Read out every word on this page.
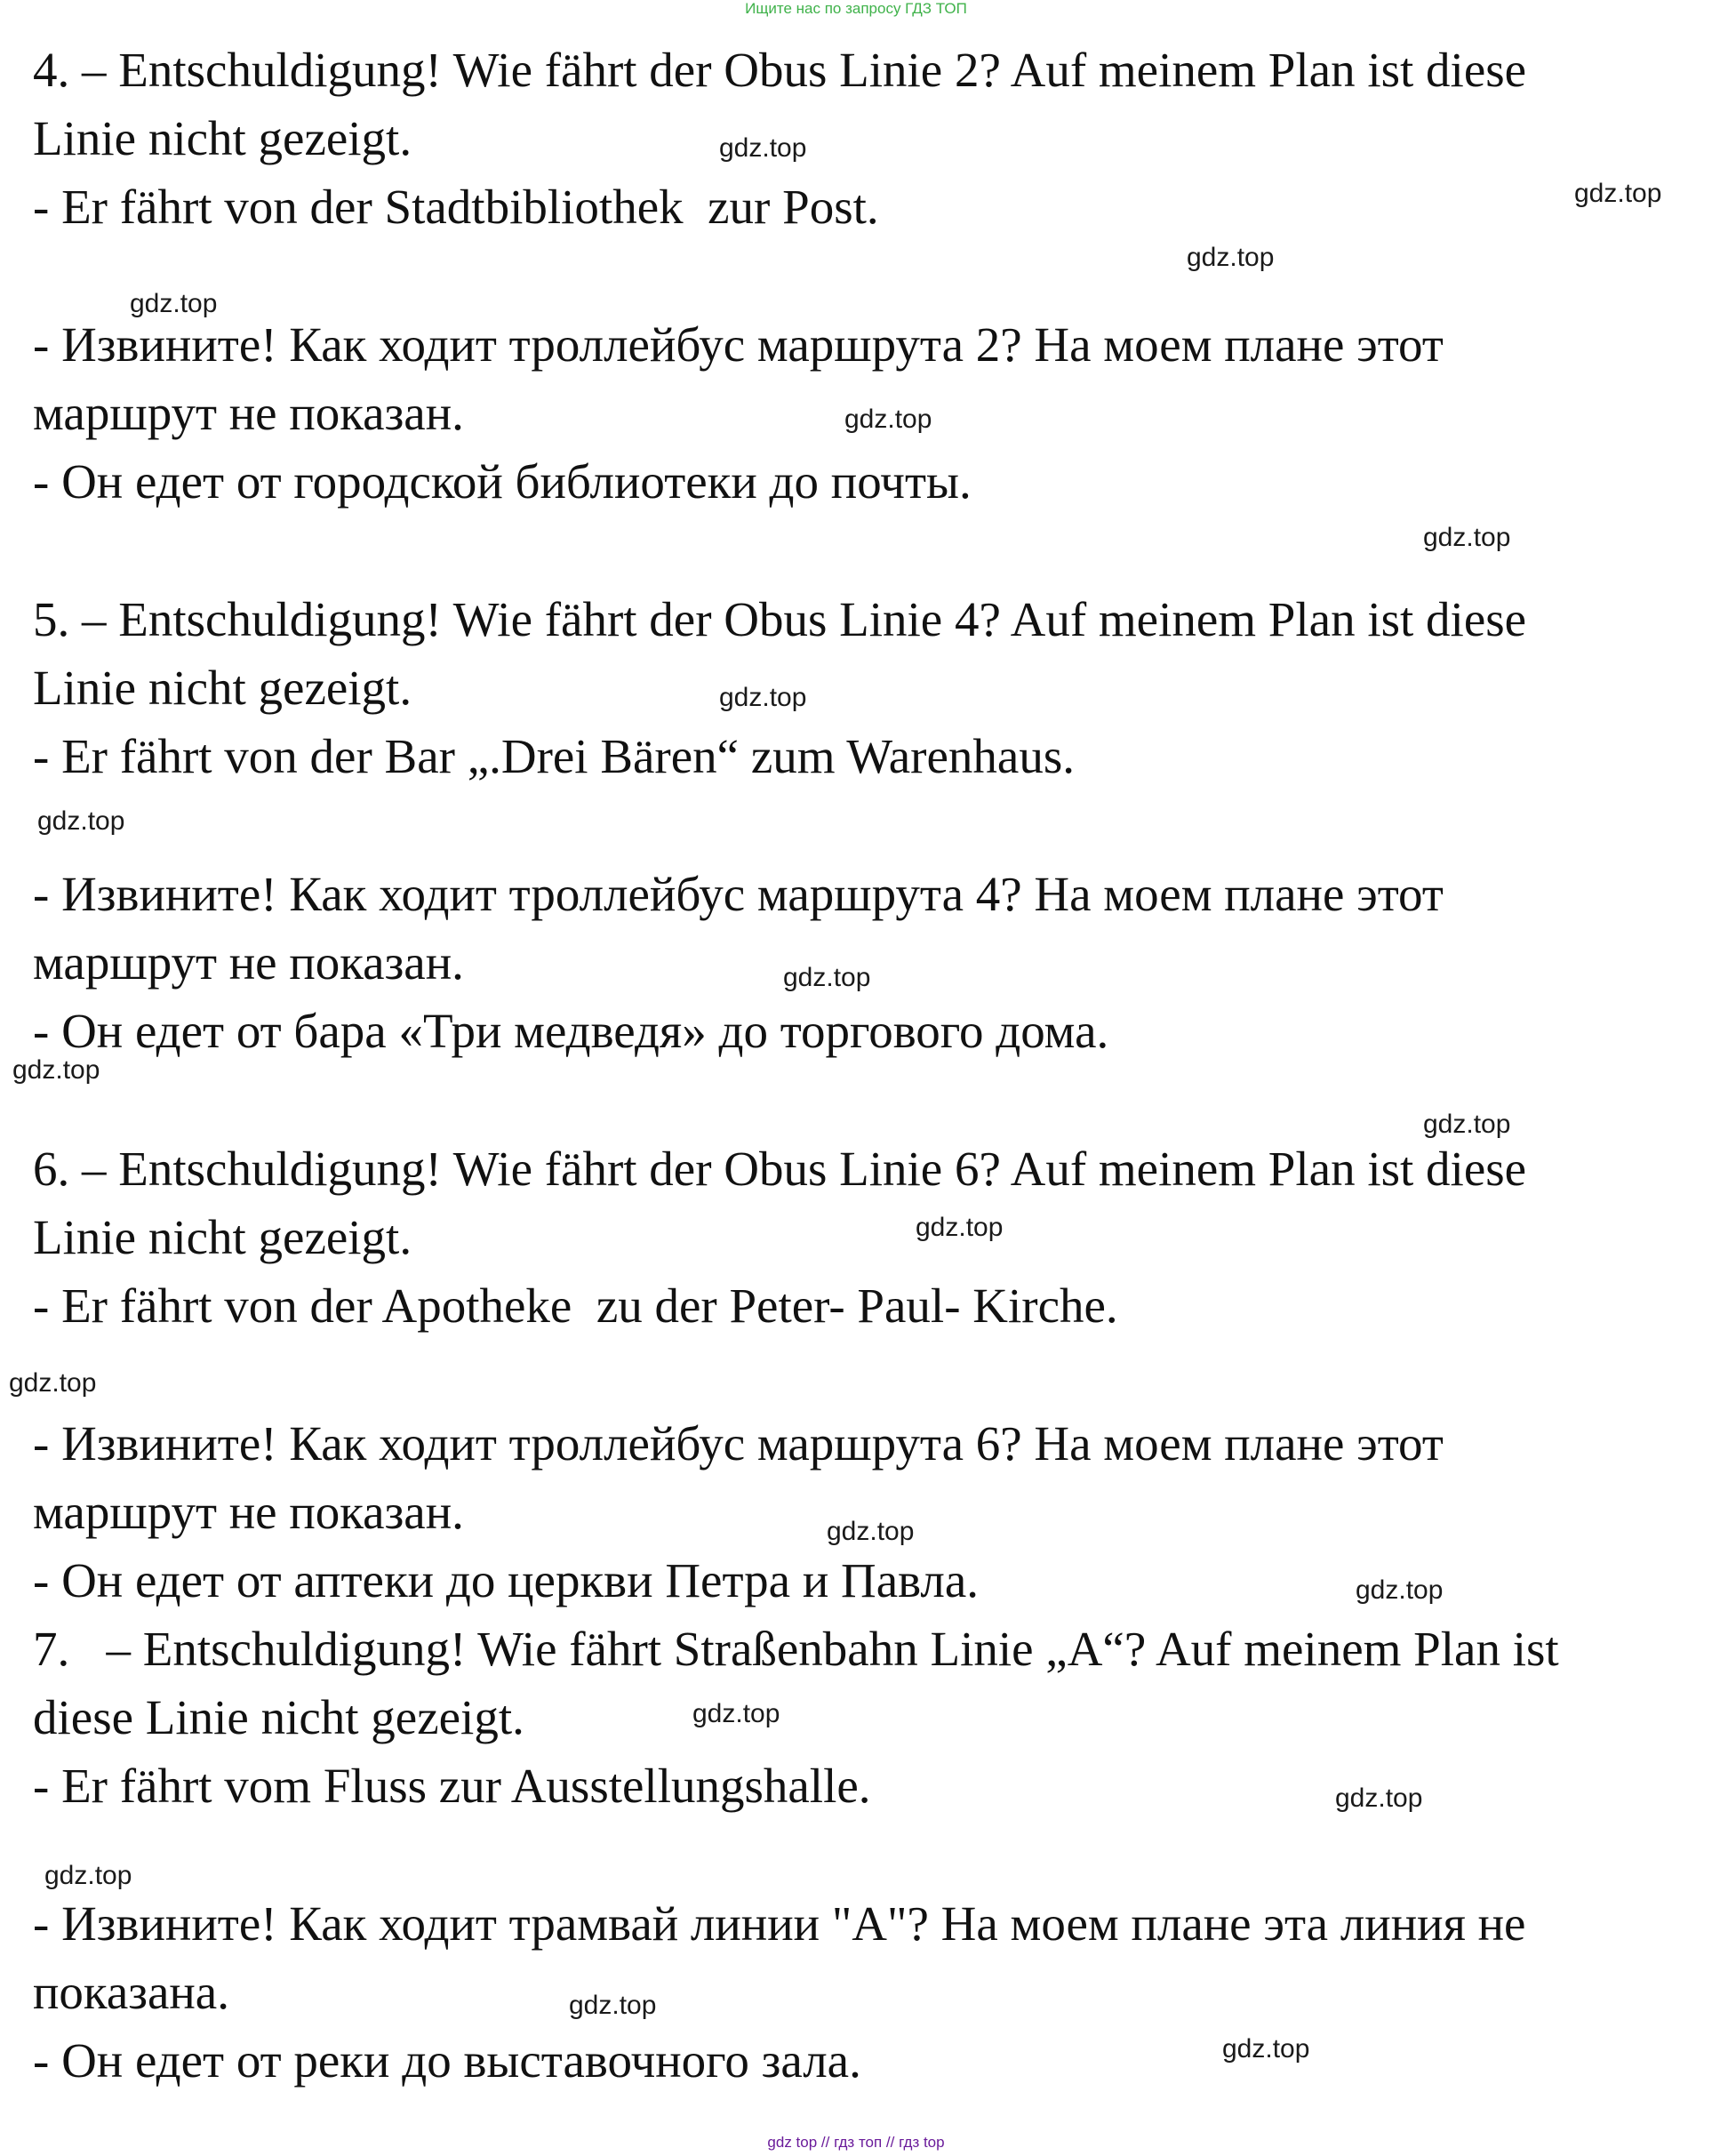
Ищите нас по запросу ГДЗ ТОП
4. – Entschuldigung! Wie fährt der Obus Linie 2? Auf meinem Plan ist diese
Linie nicht gezeigt.
- Er fährt von der Stadtbibliothek  zur Post.
- Извините! Как ходит троллейбус маршрута 2? На моем плане этот
маршрут не показан.
- Он едет от городской библиотеки до почты.
5. – Entschuldigung! Wie fährt der Obus Linie 4? Auf meinem Plan ist diese
Linie nicht gezeigt.
- Er fährt von der Bar „.Drei Bären“ zum Warenhaus.
- Извините! Как ходит троллейбус маршрута 4? На моем плане этот
маршрут не показан.
- Он едет от бара «Три медведя» до торгового дома.
6. – Entschuldigung! Wie fährt der Obus Linie 6? Auf meinem Plan ist diese
Linie nicht gezeigt.
- Er fährt von der Apotheke  zu der Peter- Paul- Kirche.
- Извините! Как ходит троллейбус маршрута 6? На моем плане этот
маршрут не показан.
- Он едет от аптеки до церкви Петра и Павла.
7.   – Entschuldigung! Wie fährt Straßenbahn Linie „A“? Auf meinem Plan ist
diese Linie nicht gezeigt.
- Er fährt vom Fluss zur Ausstellungshalle.
- Извините! Как ходит трамвай линии "A"? На моем плане эта линия не
показана.
- Он едет от реки до выставочного зала.
gdz.top
gdz.top
gdz.top
gdz.top
gdz.top
gdz.top
gdz.top
gdz.top
gdz.top
gdz.top
gdz.top
gdz.top
gdz.top
gdz.top
gdz.top
gdz.top
gdz.top
gdz.top
gdz.top
gdz.top
gdz top // гдз топ // гдз top
